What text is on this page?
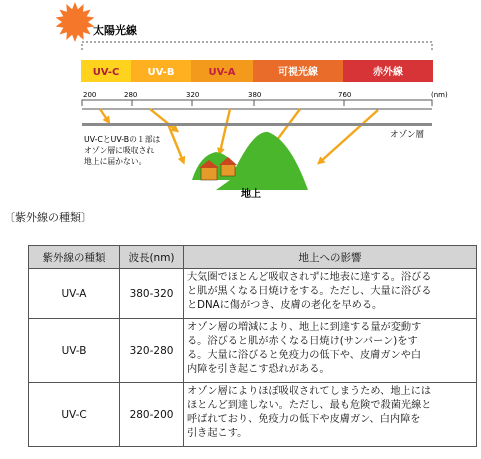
太陽光線
UV-C	UV-B	UV-A	可視光線	赤外線
200	280	320	380	760	(nm)
オゾン層
UV-CとUV-Bの１部は
オゾン層に吸収され
地上に届かない。
地上
〔紫外線の種類〕
紫外線の種類	波長(nm)	地上への影響
UV-A	380-320	大気圏でほとんど吸収されずに地表に達する。浴びる
と肌が黒くなる日焼けをする。ただし、大量に浴びる
とDNAに傷がつき、皮膚の老化を早める。

UV-B	320-280	オゾン層の増減により、地上に到達する量が変動す
る。浴びると肌が赤くなる日焼け(サンバーン)をす
る。大量に浴びると免疫力の低下や、皮膚ガンや白
内障を引き起こす恐れがある。

UV-C	280-200	オゾン層によりほぼ吸収されてしまうため、地上には
ほとんど到達しない。ただし、最も危険で殺菌光線と
呼ばれており、免疫力の低下や皮膚ガン、白内障を
引き起こす。
